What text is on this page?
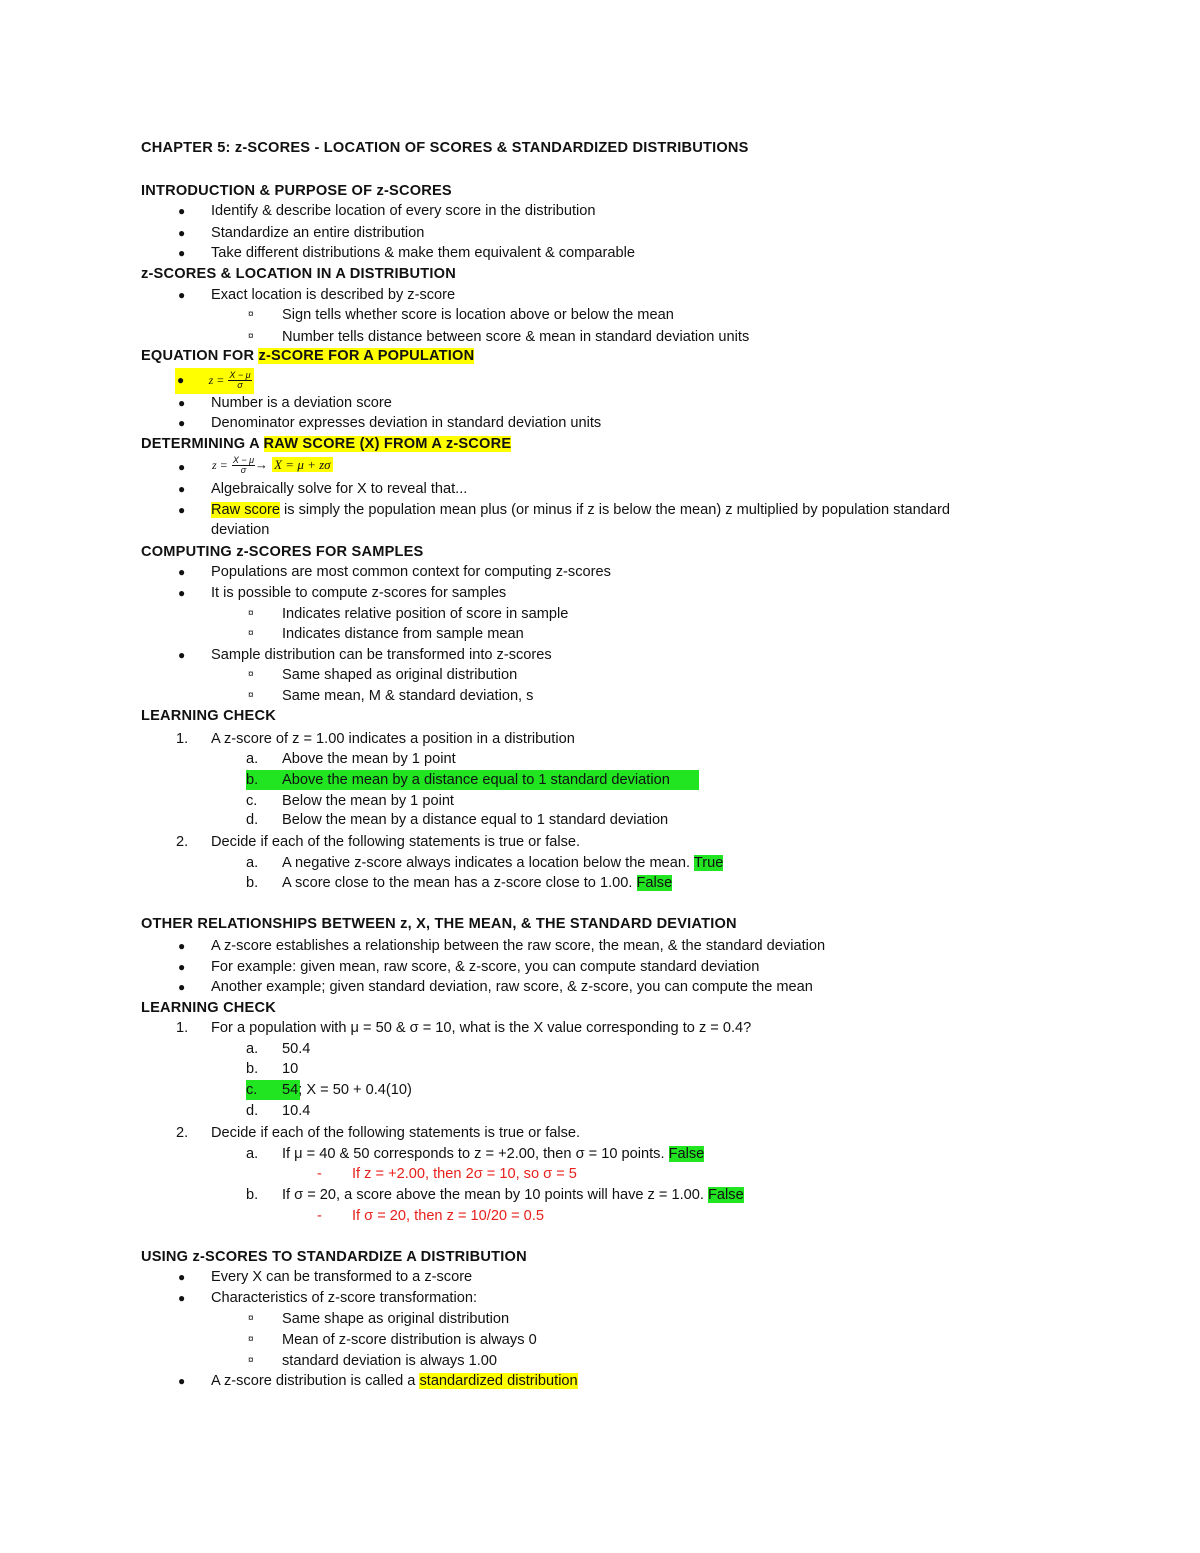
CHAPTER 5: z-SCORES - LOCATION OF SCORES & STANDARDIZED DISTRIBUTIONS
INTRODUCTION & PURPOSE OF z-SCORES
● Identify & describe location of every score in the distribution
● Standardize an entire distribution
● Take different distributions & make them equivalent & comparable
z-SCORES & LOCATION IN A DISTRIBUTION
● Exact location is described by z-score
¤ Sign tells whether score is location above or below the mean
¤ Number tells distance between score & mean in standard deviation units
EQUATION FOR z-SCORE FOR A POPULATION
● $z = \frac{X - \mu}{\sigma}$
● Number is a deviation score
● Denominator expresses deviation in standard deviation units
DETERMINING A RAW SCORE (X) FROM A z-SCORE
● $z = \frac{X - \mu}{\sigma} \to X = \mu + z\sigma$
● Algebraically solve for X to reveal that...
● Raw score is simply the population mean plus (or minus if z is below the mean) z multiplied by population standard
deviation
COMPUTING z-SCORES FOR SAMPLES
● Populations are most common context for computing z-scores
● It is possible to compute z-scores for samples
¤ Indicates relative position of score in sample
¤ Indicates distance from sample mean
● Sample distribution can be transformed into z-scores
¤ Same shaped as original distribution
¤ Same mean, M & standard deviation, s
LEARNING CHECK
1. A z-score of z = 1.00 indicates a position in a distribution
a. Above the mean by 1 point
b. Above the mean by a distance equal to 1 standard deviation
c. Below the mean by 1 point
d. Below the mean by a distance equal to 1 standard deviation
2. Decide if each of the following statements is true or false.
a. A negative z-score always indicates a location below the mean. True
b. A score close to the mean has a z-score close to 1.00. False
OTHER RELATIONSHIPS BETWEEN z, X, THE MEAN, & THE STANDARD DEVIATION
● A z-score establishes a relationship between the raw score, the mean, & the standard deviation
● For example: given mean, raw score, & z-score, you can compute standard deviation
● Another example; given standard deviation, raw score, & z-score, you can compute the mean
LEARNING CHECK
1. For a population with μ = 50 & σ = 10, what is the X value corresponding to z = 0.4?
a. 50.4
b. 10
c. 54; X = 50 + 0.4(10)
d. 10.4
2. Decide if each of the following statements is true or false.
a. If μ = 40 & 50 corresponds to z = +2.00, then σ = 10 points. False
- If z = +2.00, then 2σ = 10, so σ = 5
b. If σ = 20, a score above the mean by 10 points will have z = 1.00. False
- If σ = 20, then z = 10/20 = 0.5
USING z-SCORES TO STANDARDIZE A DISTRIBUTION
● Every X can be transformed to a z-score
● Characteristics of z-score transformation:
¤ Same shape as original distribution
¤ Mean of z-score distribution is always 0
¤ standard deviation is always 1.00
● A z-score distribution is called a standardized distribution
